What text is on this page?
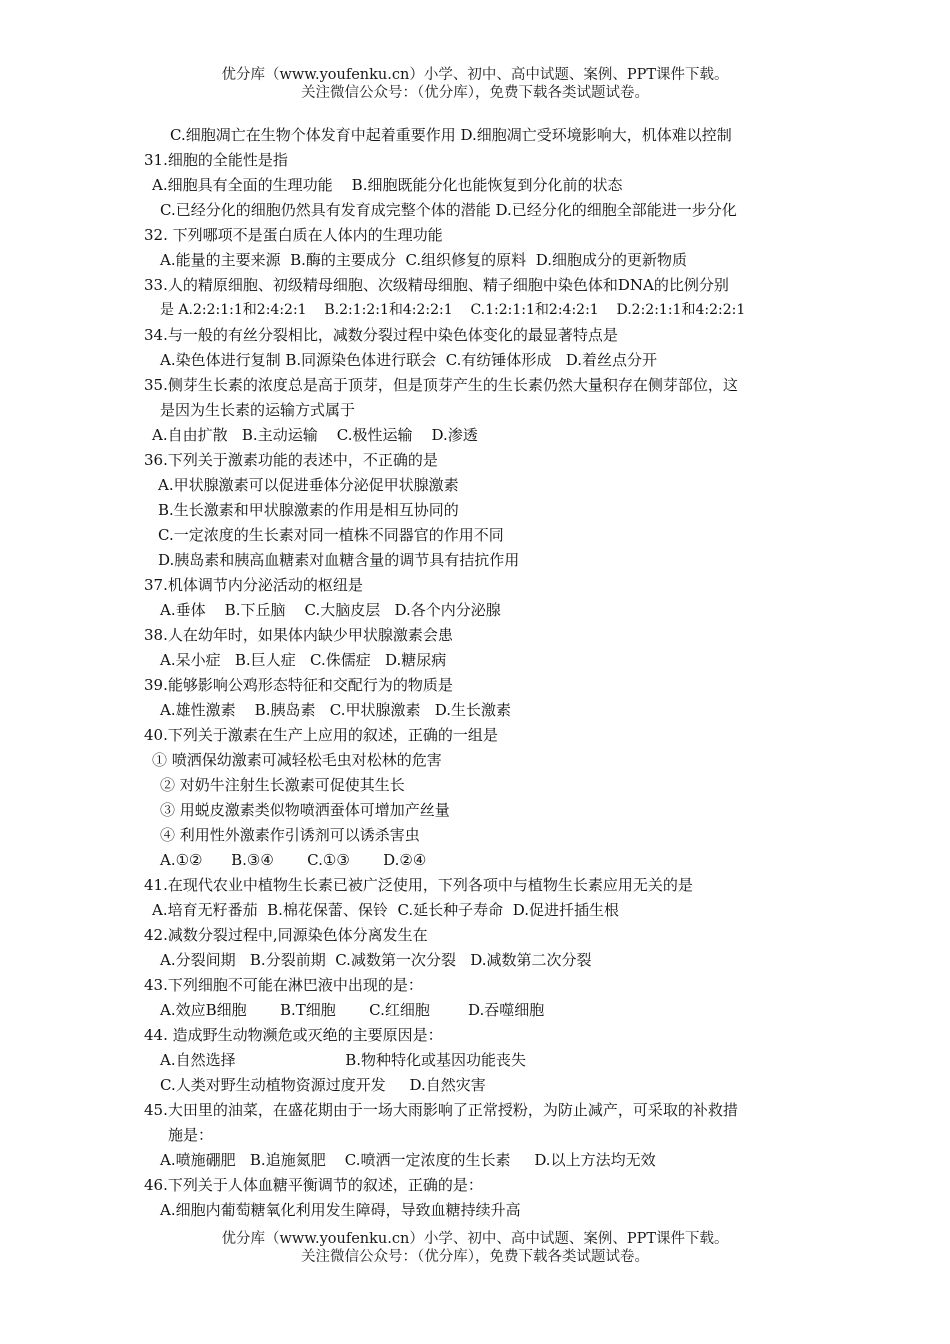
优分库（www.youfenku.cn）小学、初中、高中试题、案例、PPT课件下载。
关注微信公众号：（优分库），免费下载各类试题试卷。
C.细胞凋亡在生物个体发育中起着重要作用 D.细胞凋亡受环境影响大，机体难以控制
31.细胞的全能性是指
A.细胞具有全面的生理功能    B.细胞既能分化也能恢复到分化前的状态
C.已经分化的细胞仍然具有发育成完整个体的潜能 D.已经分化的细胞全部能进一步分化
32. 下列哪项不是蛋白质在人体内的生理功能
A.能量的主要来源  B.酶的主要成分  C.组织修复的原料  D.细胞成分的更新物质
33.人的精原细胞、初级精母细胞、次级精母细胞、精子细胞中染色体和DNA的比例分别
是 A.2:2:1:1和2:4:2:1    B.2:1:2:1和4:2:2:1    C.1:2:1:1和2:4:2:1    D.2:2:1:1和4:2:2:1
34.与一般的有丝分裂相比，减数分裂过程中染色体变化的最显著特点是
A.染色体进行复制 B.同源染色体进行联会  C.有纺锤体形成   D.着丝点分开
35.侧芽生长素的浓度总是高于顶芽，但是顶芽产生的生长素仍然大量积存在侧芽部位，这
是因为生长素的运输方式属于
A.自由扩散   B.主动运输    C.极性运输    D.渗透
36.下列关于激素功能的表述中，不正确的是
A.甲状腺激素可以促进垂体分泌促甲状腺激素
B.生长激素和甲状腺激素的作用是相互协同的
C.一定浓度的生长素对同一植株不同器官的作用不同
D.胰岛素和胰高血糖素对血糖含量的调节具有拮抗作用
37.机体调节内分泌活动的枢纽是
A.垂体    B.下丘脑    C.大脑皮层   D.各个内分泌腺
38.人在幼年时，如果体内缺少甲状腺激素会患
A.呆小症   B.巨人症   C.侏儒症   D.糖尿病
39.能够影响公鸡形态特征和交配行为的物质是
A.雄性激素    B.胰岛素   C.甲状腺激素   D.生长激素
40.下列关于激素在生产上应用的叙述，正确的一组是
① 喷洒保幼激素可减轻松毛虫对松林的危害
② 对奶牛注射生长激素可促使其生长
③ 用蜕皮激素类似物喷洒蚕体可增加产丝量
④ 利用性外激素作引诱剂可以诱杀害虫
A.①②      B.③④       C.①③       D.②④
41.在现代农业中植物生长素已被广泛使用，下列各项中与植物生长素应用无关的是
A.培育无籽番茄  B.棉花保蕾、保铃  C.延长种子寿命  D.促进扦插生根
42.减数分裂过程中,同源染色体分离发生在
A.分裂间期   B.分裂前期  C.减数第一次分裂   D.减数第二次分裂
43.下列细胞不可能在淋巴液中出现的是：
A.效应B细胞       B.T细胞       C.红细胞        D.吞噬细胞
44. 造成野生动物濒危或灭绝的主要原因是：
A.自然选择                       B.物种特化或基因功能丧失
C.人类对野生动植物资源过度开发     D.自然灾害
45.大田里的油菜，在盛花期由于一场大雨影响了正常授粉，为防止减产，可采取的补救措
施是：
A.喷施硼肥   B.追施氮肥    C.喷洒一定浓度的生长素     D.以上方法均无效
46.下列关于人体血糖平衡调节的叙述，正确的是：
A.细胞内葡萄糖氧化利用发生障碍，导致血糖持续升高
优分库（www.youfenku.cn）小学、初中、高中试题、案例、PPT课件下载。
关注微信公众号：（优分库），免费下载各类试题试卷。
